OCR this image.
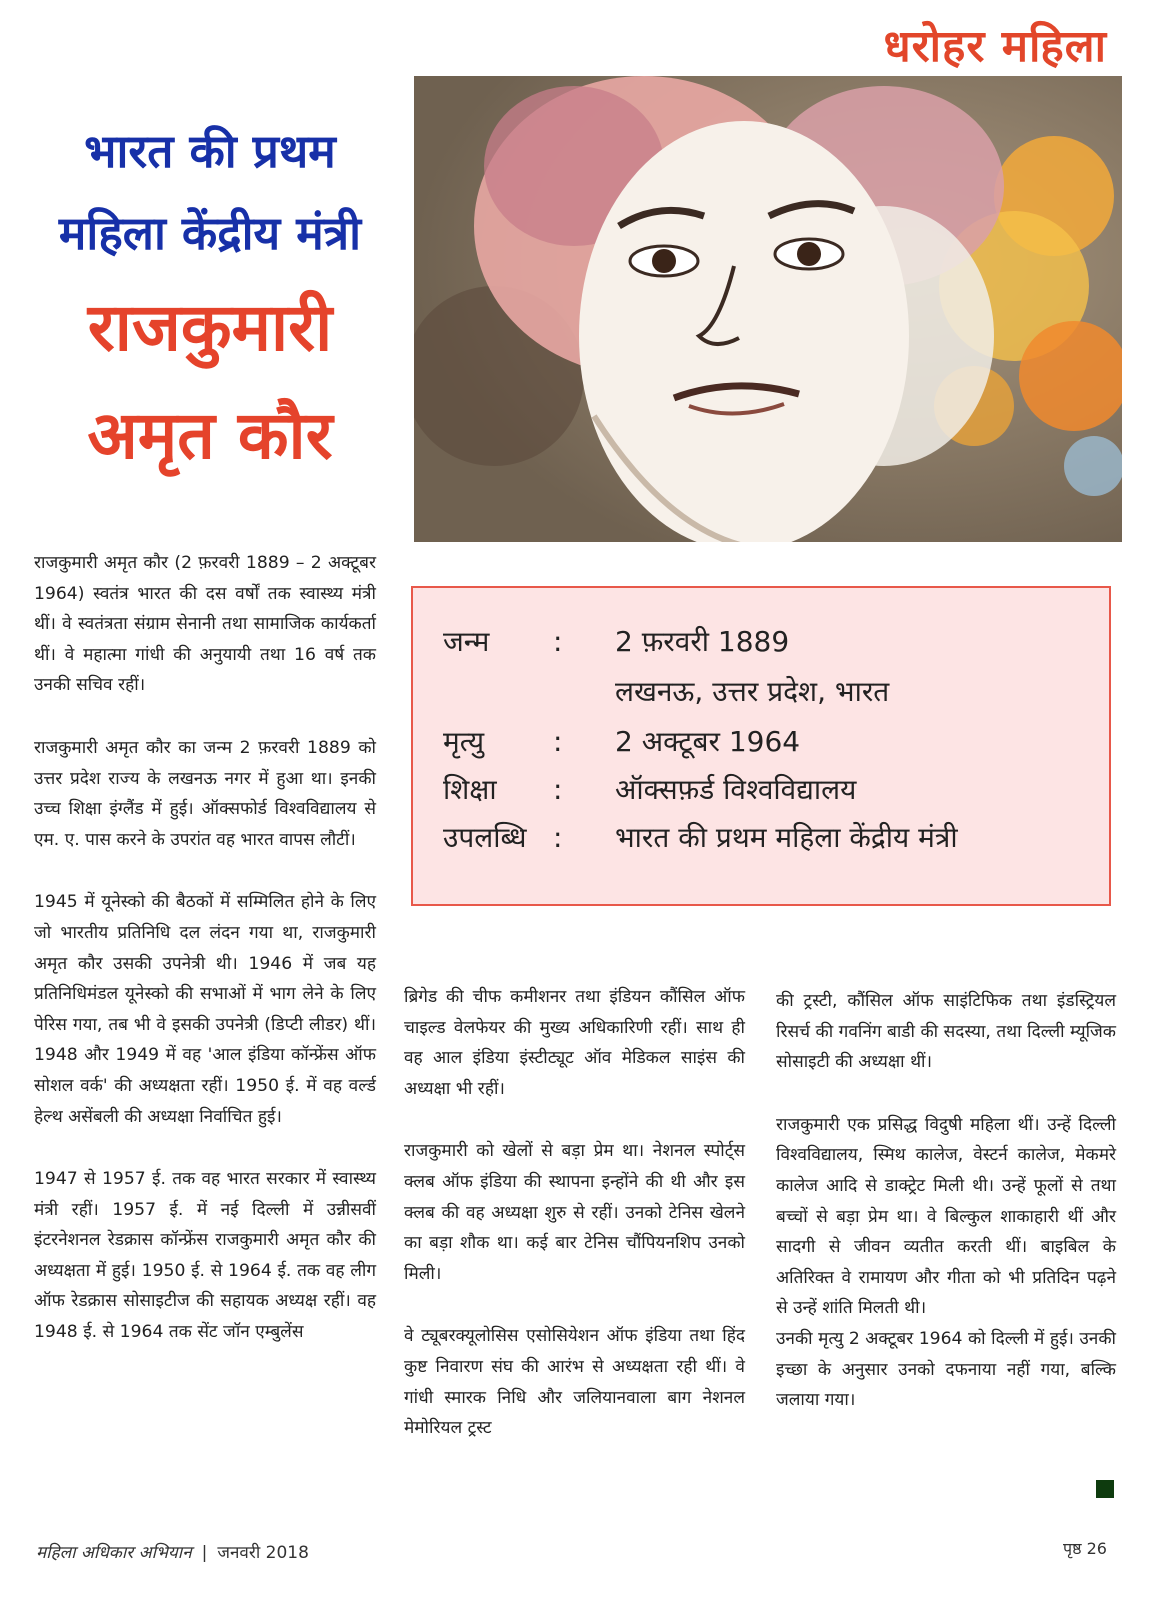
धरोहर महिला
भारत की प्रथम
महिला केंद्रीय मंत्री
राजकुमारी
अमृत कौर
जन्म : 2 फ़रवरी 1889
लखनऊ, उत्तर प्रदेश, भारत
मृत्यु : 2 अक्टूबर 1964
शिक्षा : ऑक्सफ़र्ड विश्वविद्यालय
उपलब्धि : भारत की प्रथम महिला केंद्रीय मंत्री

राजकुमारी अमृत कौर (2 फ़रवरी 1889 – 2 अक्टूबर 1964) स्वतंत्र भारत की दस वर्षों तक स्वास्थ्य मंत्री थीं। वे स्वतंत्रता संग्राम सेनानी तथा सामाजिक कार्यकर्ता थीं। वे महात्मा गांधी की अनुयायी तथा 16 वर्ष तक उनकी सचिव रहीं।

राजकुमारी अमृत कौर का जन्म 2 फ़रवरी 1889 को उत्तर प्रदेश राज्य के लखनऊ नगर में हुआ था। इनकी उच्च शिक्षा इंग्लैंड में हुई। ऑक्सफोर्ड विश्वविद्यालय से एम. ए. पास करने के उपरांत वह भारत वापस लौटीं।

1945 में यूनेस्को की बैठकों में सम्मिलित होने के लिए जो भारतीय प्रतिनिधि दल लंदन गया था, राजकुमारी अमृत कौर उसकी उपनेत्री थी। 1946 में जब यह प्रतिनिधिमंडल यूनेस्को की सभाओं में भाग लेने के लिए पेरिस गया, तब भी वे इसकी उपनेत्री (डिप्टी लीडर) थीं। 1948 और 1949 में वह 'आल इंडिया कॉन्फ्रेंस ऑफ सोशल वर्क' की अध्यक्षता रहीं। 1950 ई. में वह वर्ल्ड हेल्थ असेंबली की अध्यक्षा निर्वाचित हुई।

1947 से 1957 ई. तक वह भारत सरकार में स्वास्थ्य मंत्री रहीं। 1957 ई. में नई दिल्ली में उन्नीसवीं इंटरनेशनल रेडक्रास कॉन्फ्रेंस राजकुमारी अमृत कौर की अध्यक्षता में हुई। 1950 ई. से 1964 ई. तक वह लीग ऑफ रेडक्रास सोसाइटीज की सहायक अध्यक्ष रहीं। वह 1948 ई. से 1964 तक सेंट जॉन एम्बुलेंस

ब्रिगेड की चीफ कमीशनर तथा इंडियन कौंसिल ऑफ चाइल्ड वेलफेयर की मुख्य अधिकारिणी रहीं। साथ ही वह आल इंडिया इंस्टीट्यूट ऑव मेडिकल साइंस की अध्यक्षा भी रहीं।

राजकुमारी को खेलों से बड़ा प्रेम था। नेशनल स्पोर्ट्स क्लब ऑफ इंडिया की स्थापना इन्होंने की थी और इस क्लब की वह अध्यक्षा शुरु से रहीं। उनको टेनिस खेलने का बड़ा शौक था। कई बार टेनिस चौंपियनशिप उनको मिली।

वे ट्यूबरक्यूलोसिस एसोसियेशन ऑफ इंडिया तथा हिंद कुष्ट निवारण संघ की आरंभ से अध्यक्षता रही थीं। वे गांधी स्मारक निधि और जलियानवाला बाग नेशनल मेमोरियल ट्रस्ट

की ट्रस्टी, कौंसिल ऑफ साइंटिफिक तथा इंडस्ट्रियल रिसर्च की गवनिंग बाडी की सदस्या, तथा दिल्ली म्यूजिक सोसाइटी की अध्यक्षा थीं।

राजकुमारी एक प्रसिद्ध विदुषी महिला थीं। उन्हें दिल्ली विश्वविद्यालय, स्मिथ कालेज, वेस्टर्न कालेज, मेकमरे कालेज आदि से डाक्ट्रेट मिली थी। उन्हें फूलों से तथा बच्चों से बड़ा प्रेम था। वे बिल्कुल शाकाहारी थीं और सादगी से जीवन व्यतीत करती थीं। बाइबिल के अतिरिक्त वे रामायण और गीता को भी प्रतिदिन पढ़ने से उन्हें शांति मिलती थी।

उनकी मृत्यु 2 अक्टूबर 1964 को दिल्ली में हुई। उनकी इच्छा के अनुसार उनको दफनाया नहीं गया, बल्कि जलाया गया।

महिला अधिकार अभियान | जनवरी 2018	पृष्ठ 26
